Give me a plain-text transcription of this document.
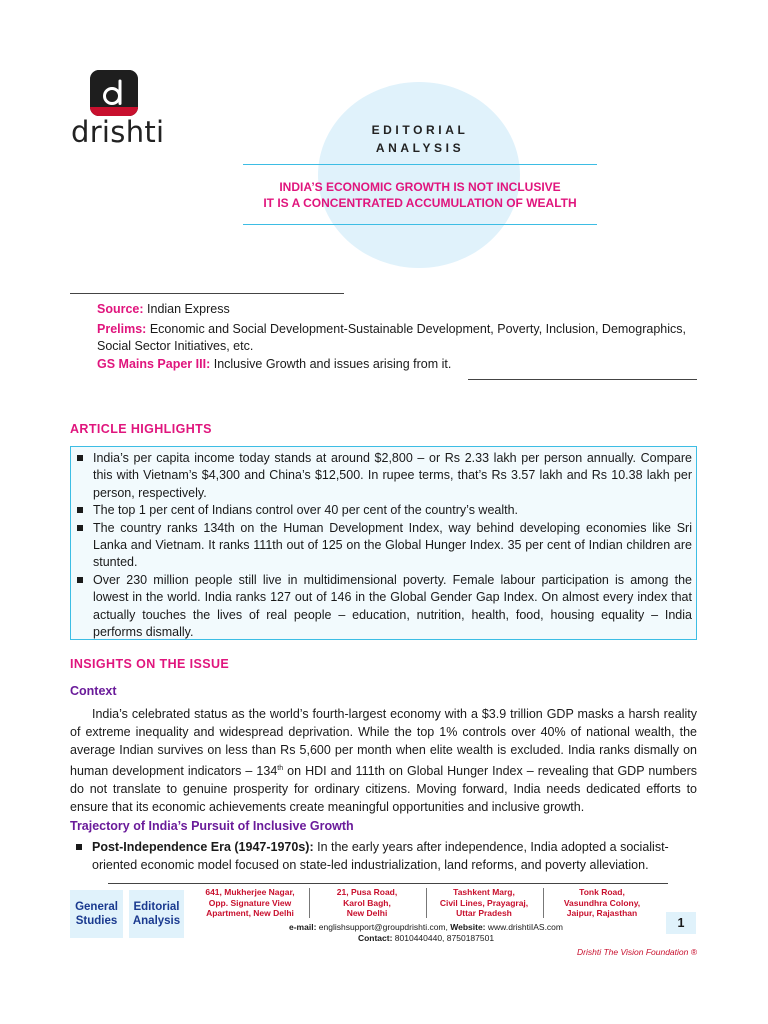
drishti	EDITORIAL
ANALYSIS
INDIA’S ECONOMIC GROWTH IS NOT INCLUSIVE
IT IS A CONCENTRATED ACCUMULATION OF WEALTH
Source: Indian Express
Prelims: Economic and Social Development-Sustainable Development, Poverty, Inclusion, Demographics, Social Sector Initiatives, etc.
GS Mains Paper III: Inclusive Growth and issues arising from it.
ARTICLE HIGHLIGHTS
India’s per capita income today stands at around $2,800 – or Rs 2.33 lakh per person annually. Compare this with Vietnam’s $4,300 and China’s $12,500. In rupee terms, that’s Rs 3.57 lakh and Rs 10.38 lakh per person, respectively.
The top 1 per cent of Indians control over 40 per cent of the country’s wealth.
The country ranks 134th on the Human Development Index, way behind developing economies like Sri Lanka and Vietnam. It ranks 111th out of 125 on the Global Hunger Index. 35 per cent of Indian children are stunted.
Over 230 million people still live in multidimensional poverty. Female labour participation is among the lowest in the world. India ranks 127 out of 146 in the Global Gender Gap Index. On almost every index that actually touches the lives of real people – education, nutrition, health, food, housing equality – India performs dismally.
INSIGHTS ON THE ISSUE
Context

India’s celebrated status as the world’s fourth-largest economy with a $3.9 trillion GDP masks a harsh reality of extreme inequality and widespread deprivation. While the top 1% controls over 40% of national wealth, the average Indian survives on less than Rs 5,600 per month when elite wealth is excluded. India ranks dismally on human development indicators – 134th on HDI and 111th on Global Hunger Index – revealing that GDP numbers do not translate to genuine prosperity for ordinary citizens. Moving forward, India needs dedicated efforts to ensure that its economic achievements create meaningful opportunities and inclusive growth.

Trajectory of India’s Pursuit of Inclusive Growth
Post-Independence Era (1947-1970s): In the early years after independence, India adopted a socialist-oriented economic model focused on state-led industrialization, land reforms, and poverty alleviation.
General
Studies
Editorial
Analysis
641, Mukherjee Nagar,
Opp. Signature View
Apartment, New Delhi
21, Pusa Road,
Karol Bagh,
New Delhi
Tashkent Marg,
Civil Lines, Prayagraj,
Uttar Pradesh
Tonk Road,
Vasundhra Colony,
Jaipur, Rajasthan
e-mail: englishsupport@groupdrishti.com, Website: www.drishtiIAS.com
Contact: 8010440440, 8750187501
1
Drishti The Vision Foundation ®
